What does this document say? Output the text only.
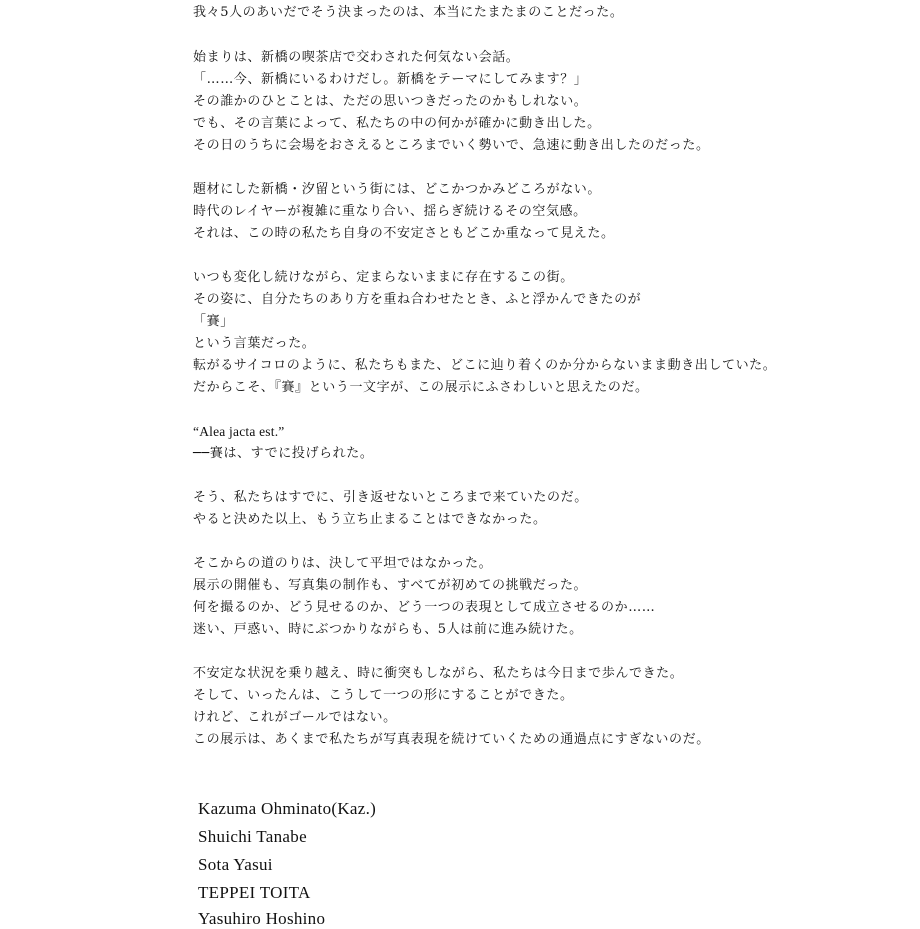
我々5人のあいだでそう決まったのは、本当にたまたまのことだった。
始まりは、新橋の喫茶店で交わされた何気ない会話。
「……今、新橋にいるわけだし。新橋をテーマにしてみます？」
その誰かのひとことは、ただの思いつきだったのかもしれない。
でも、その言葉によって、私たちの中の何かが確かに動き出した。
その日のうちに会場をおさえるところまでいく勢いで、急速に動き出したのだった。
題材にした新橋・汐留という街には、どこかつかみどころがない。
時代のレイヤーが複雑に重なり合い、揺らぎ続けるその空気感。
それは、この時の私たち自身の不安定さともどこか重なって見えた。
いつも変化し続けながら、定まらないままに存在するこの街。
その姿に、自分たちのあり方を重ね合わせたとき、ふと浮かんできたのが
「賽」
という言葉だった。
転がるサイコロのように、私たちもまた、どこに辿り着くのか分からないまま動き出していた。
だからこそ、『賽』という一文字が、この展示にふさわしいと思えたのだ。
“Alea jacta est.”
──賽は、すでに投げられた。
そう、私たちはすでに、引き返せないところまで来ていたのだ。
やると決めた以上、もう立ち止まることはできなかった。
そこからの道のりは、決して平坦ではなかった。
展示の開催も、写真集の制作も、すべてが初めての挑戦だった。
何を撮るのか、どう見せるのか、どう一つの表現として成立させるのか……
迷い、戸惑い、時にぶつかりながらも、5人は前に進み続けた。
不安定な状況を乗り越え、時に衝突もしながら、私たちは今日まで歩んできた。
そして、いったんは、こうして一つの形にすることができた。
けれど、これがゴールではない。
この展示は、あくまで私たちが写真表現を続けていくための通過点にすぎないのだ。
Kazuma Ohminato(Kaz.)
Shuichi Tanabe
Sota Yasui
TEPPEI TOITA
Yasuhiro Hoshino
